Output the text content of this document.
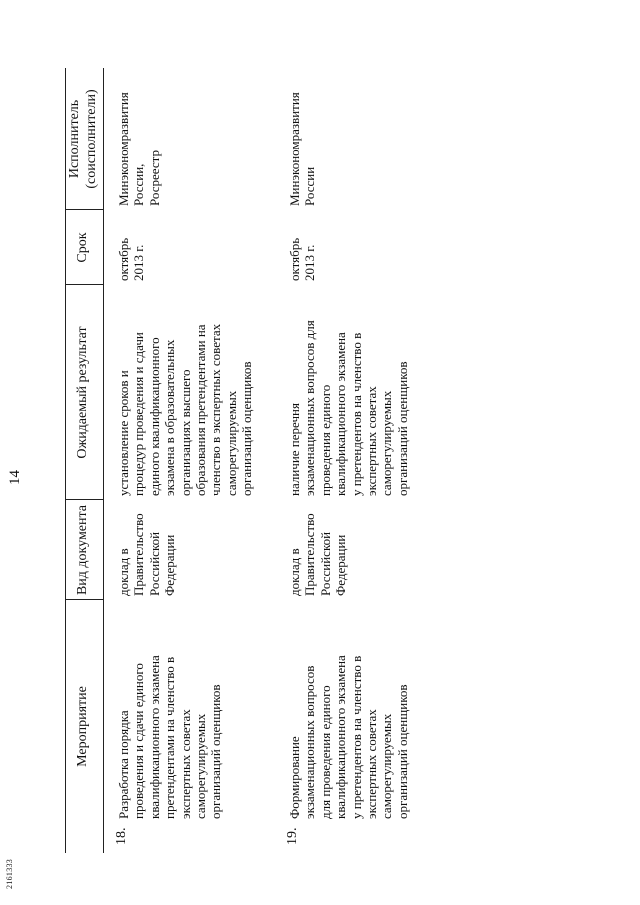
14
2161333
Мероприятие
Вид документа
Ожидаемый результат
Срок
Исполнитель (соисполнители)
18.
Разработка порядка проведения и сдачи единого квалификационного экзамена претендентами на членство в экспертных советах саморегулируемых организаций оценщиков
доклад в Правительство Российской Федерации
установление сроков и процедур проведения и сдачи единого квалификационного экзамена в образовательных организациях высшего образования претендентами на членство в экспертных советах саморегулируемых организаций оценщиков
октябрь 2013 г.
Минэкономразвития России, Росреестр
19.
Формирование экзаменационных вопросов для проведения единого квалификационного экзамена у претендентов на членство в экспертных советах саморегулируемых организаций оценщиков
доклад в Правительство Российской Федерации
наличие перечня экзаменационных вопросов для проведения единого квалификационного экзамена у претендентов на членство в экспертных советах саморегулируемых организаций оценщиков
октябрь 2013 г.
Минэкономразвития России
